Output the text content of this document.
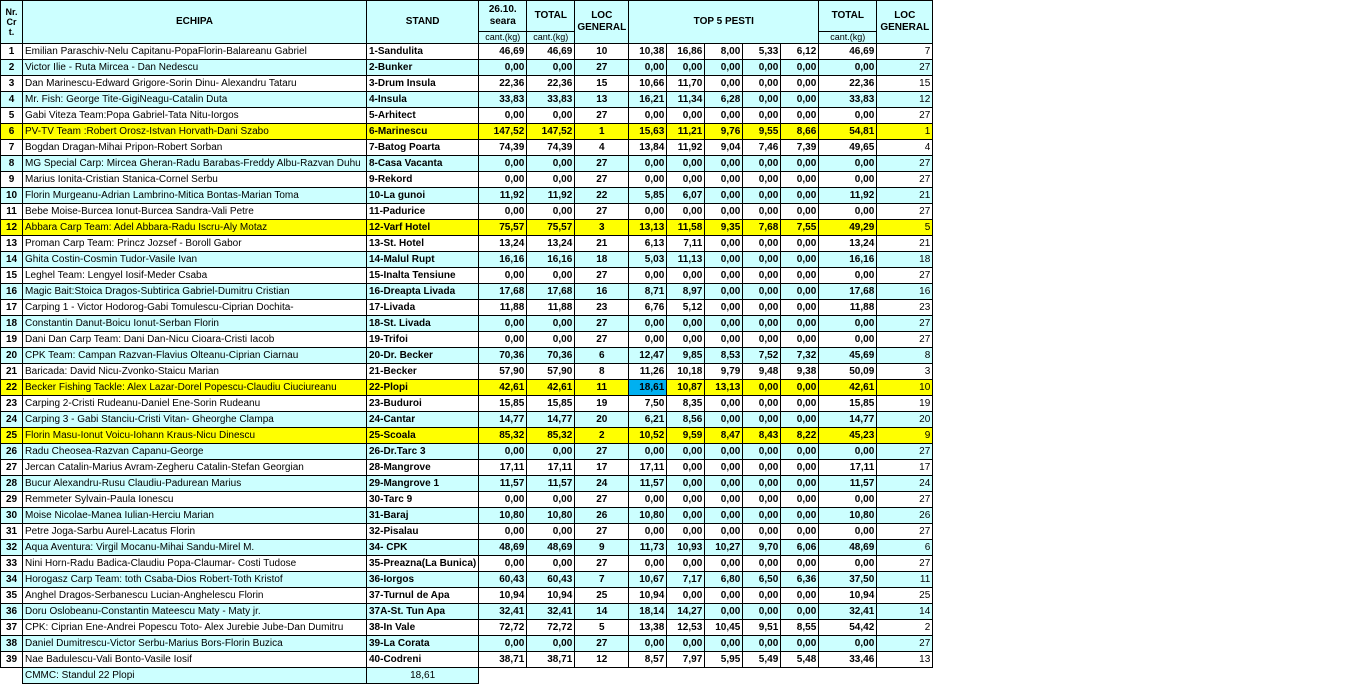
Nr. Cr t.	ECHIPA	STAND	26.10. seara	TOTAL	LOC GENERAL	TOP 5 PESTI					TOTAL	LOC GENERAL
			cant.(kg)	cant.(kg)							cant.(kg)	
1	Emilian Paraschiv-Nelu Capitanu-PopaFlorin-Balareanu Gabriel	1-Sandulita	46,69	46,69	10	10,38	16,86	8,00	5,33	6,12	46,69	7
2	Victor Ilie - Ruta Mircea - Dan Nedescu	2-Bunker	0,00	0,00	27	0,00	0,00	0,00	0,00	0,00	0,00	27
3	Dan Marinescu-Edward Grigore-Sorin Dinu- Alexandru Tataru	3-Drum Insula	22,36	22,36	15	10,66	11,70	0,00	0,00	0,00	22,36	15
4	Mr. Fish: George Tite-GigiNeagu-Catalin Duta	4-Insula	33,83	33,83	13	16,21	11,34	6,28	0,00	0,00	33,83	12
5	Gabi Viteza Team:Popa Gabriel-Tata Nitu-Iorgos	5-Arhitect	0,00	0,00	27	0,00	0,00	0,00	0,00	0,00	0,00	27
6	PV-TV Team :Robert Orosz-Istvan Horvath-Dani Szabo	6-Marinescu	147,52	147,52	1	15,63	11,21	9,76	9,55	8,66	54,81	1
7	Bogdan Dragan-Mihai Pripon-Robert Sorban	7-Batog Poarta	74,39	74,39	4	13,84	11,92	9,04	7,46	7,39	49,65	4
8	MG Special Carp: Mircea Gheran-Radu Barabas-Freddy Albu-Razvan Duhu	8-Casa Vacanta	0,00	0,00	27	0,00	0,00	0,00	0,00	0,00	0,00	27
9	Marius Ionita-Cristian Stanica-Cornel Serbu	9-Rekord	0,00	0,00	27	0,00	0,00	0,00	0,00	0,00	0,00	27
10	Florin Murgeanu-Adrian Lambrino-Mitica Bontas-Marian Toma	10-La gunoi	11,92	11,92	22	5,85	6,07	0,00	0,00	0,00	11,92	21
11	Bebe Moise-Burcea Ionut-Burcea Sandra-Vali Petre	11-Padurice	0,00	0,00	27	0,00	0,00	0,00	0,00	0,00	0,00	27
12	Abbara Carp Team: Adel Abbara-Radu Iscru-Aly Motaz	12-Varf Hotel	75,57	75,57	3	13,13	11,58	9,35	7,68	7,55	49,29	5
13	Proman Carp Team: Princz Jozsef - Boroll Gabor	13-St. Hotel	13,24	13,24	21	6,13	7,11	0,00	0,00	0,00	13,24	21
14	Ghita Costin-Cosmin Tudor-Vasile Ivan	14-Malul Rupt	16,16	16,16	18	5,03	11,13	0,00	0,00	0,00	16,16	18
15	Leghel Team: Lengyel Iosif-Meder Csaba	15-Inalta Tensiune	0,00	0,00	27	0,00	0,00	0,00	0,00	0,00	0,00	27
16	Magic Bait:Stoica Dragos-Subtirica Gabriel-Dumitru Cristian	16-Dreapta Livada	17,68	17,68	16	8,71	8,97	0,00	0,00	0,00	17,68	16
17	Carping 1 - Victor Hodorog-Gabi Tomulescu-Ciprian Dochita-	17-Livada	11,88	11,88	23	6,76	5,12	0,00	0,00	0,00	11,88	23
18	Constantin Danut-Boicu Ionut-Serban Florin	18-St. Livada	0,00	0,00	27	0,00	0,00	0,00	0,00	0,00	0,00	27
19	Dani Dan Carp Team: Dani Dan-Nicu Cioara-Cristi Iacob	19-Trifoi	0,00	0,00	27	0,00	0,00	0,00	0,00	0,00	0,00	27
20	CPK Team: Campan Razvan-Flavius Olteanu-Ciprian Ciarnau	20-Dr. Becker	70,36	70,36	6	12,47	9,85	8,53	7,52	7,32	45,69	8
21	Baricada: David Nicu-Zvonko-Staicu Marian	21-Becker	57,90	57,90	8	11,26	10,18	9,79	9,48	9,38	50,09	3
22	Becker Fishing Tackle: Alex Lazar-Dorel Popescu-Claudiu Ciuciureanu	22-Plopi	42,61	42,61	11	18,61	10,87	13,13	0,00	0,00	42,61	10
23	Carping 2-Cristi Rudeanu-Daniel Ene-Sorin Rudeanu	23-Buduroi	15,85	15,85	19	7,50	8,35	0,00	0,00	0,00	15,85	19
24	Carping 3 - Gabi Stanciu-Cristi Vitan- Gheorghe Clampa	24-Cantar	14,77	14,77	20	6,21	8,56	0,00	0,00	0,00	14,77	20
25	Florin Masu-Ionut Voicu-Iohann Kraus-Nicu Dinescu	25-Scoala	85,32	85,32	2	10,52	9,59	8,47	8,43	8,22	45,23	9
26	Radu Cheosea-Razvan Capanu-George	26-Dr.Tarc 3	0,00	0,00	27	0,00	0,00	0,00	0,00	0,00	0,00	27
27	Jercan Catalin-Marius Avram-Zegheru Catalin-Stefan Georgian	28-Mangrove	17,11	17,11	17	17,11	0,00	0,00	0,00	0,00	17,11	17
28	Bucur Alexandru-Rusu Claudiu-Padurean Marius	29-Mangrove 1	11,57	11,57	24	11,57	0,00	0,00	0,00	0,00	11,57	24
29	Remmeter Sylvain-Paula Ionescu	30-Tarc 9	0,00	0,00	27	0,00	0,00	0,00	0,00	0,00	0,00	27
30	Moise Nicolae-Manea Iulian-Herciu Marian	31-Baraj	10,80	10,80	26	10,80	0,00	0,00	0,00	0,00	10,80	26
31	Petre Joga-Sarbu Aurel-Lacatus Florin	32-Pisalau	0,00	0,00	27	0,00	0,00	0,00	0,00	0,00	0,00	27
32	Aqua Aventura: Virgil Mocanu-Mihai Sandu-Mirel M.	34- CPK	48,69	48,69	9	11,73	10,93	10,27	9,70	6,06	48,69	6
33	Nini Horn-Radu Badica-Claudiu Popa-Claumar- Costi Tudose	35-Preazna(La Bunica)	0,00	0,00	27	0,00	0,00	0,00	0,00	0,00	0,00	27
34	Horogasz Carp Team: toth Csaba-Dios Robert-Toth Kristof	36-Iorgos	60,43	60,43	7	10,67	7,17	6,80	6,50	6,36	37,50	11
35	Anghel Dragos-Serbanescu Lucian-Anghelescu Florin	37-Turnul de Apa	10,94	10,94	25	10,94	0,00	0,00	0,00	0,00	10,94	25
36	Doru Oslobeanu-Constantin Mateescu Maty - Maty jr.	37A-St. Tun Apa	32,41	32,41	14	18,14	14,27	0,00	0,00	0,00	32,41	14
37	CPK: Ciprian Ene-Andrei Popescu Toto- Alex Jurebie Jube-Dan Dumitru	38-In Vale	72,72	72,72	5	13,38	12,53	10,45	9,51	8,55	54,42	2
38	Daniel Dumitrescu-Victor Serbu-Marius Bors-Florin Buzica	39-La Corata	0,00	0,00	27	0,00	0,00	0,00	0,00	0,00	0,00	27
39	Nae Badulescu-Vali Bonto-Vasile Iosif	40-Codreni	38,71	38,71	12	8,57	7,97	5,95	5,49	5,48	33,46	13
	CMMC: Standul 22 Plopi	18,61										
